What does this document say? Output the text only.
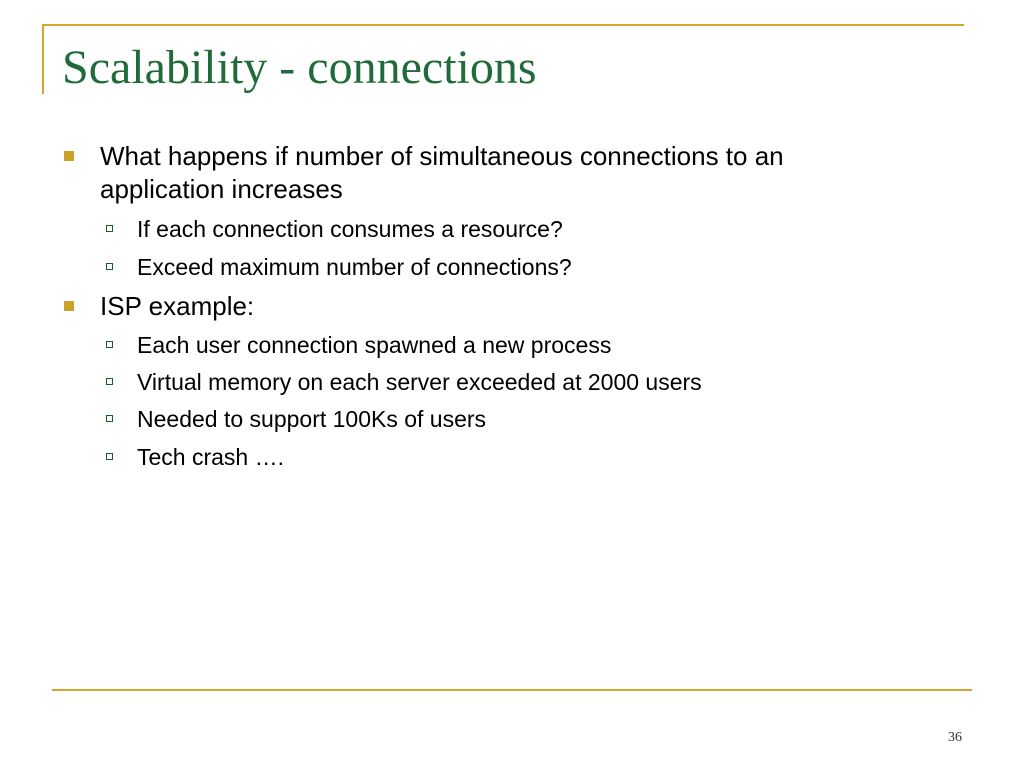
Scalability - connections
What happens if number of simultaneous connections to an
application increases
If each connection consumes a resource?
Exceed maximum number of connections?
ISP example:
Each user connection spawned a new process
Virtual memory on each server exceeded at 2000 users
Needed to support 100Ks of users
Tech crash ….
36
